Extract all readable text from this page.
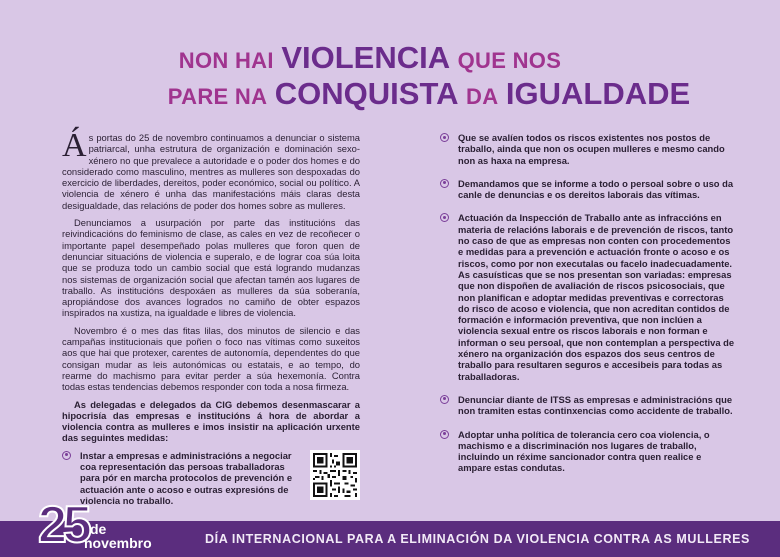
NON HAI VIOLENCIA QUE NOS
PARE NA CONQUISTA DA IGUALDADE

Ás portas do 25 de novembro continuamos a denunciar o sistema patriarcal, unha estrutura de organización e dominación sexo-xénero no que prevalece a autoridade e o poder dos homes e do considerado como masculino, mentres as mulleres son despoxadas do exercicio de liberdades, dereitos, poder económico, social ou político. A violencia de xénero é unha das manifestacións máis claras desta desigualdade, das relacións de poder dos homes sobre as mulleres.

Denunciamos a usurpación por parte das institucións das reivindicacións do feminismo de clase, as cales en vez de recoñecer o importante papel desempeñado polas mulleres que foron quen de denunciar situacións de violencia e superalo, e de lograr coa súa loita que se produza todo un cambio social que está logrando mudanzas nos sistemas de organización social que afectan tamén aos lugares de traballo. As institucións despoxáen as mulleres da súa soberanía, apropiándose dos avances logrados no camiño de obter espazos inspirados na xustiza, na igualdade e libres de violencia.

Novembro é o mes das fitas lilas, dos minutos de silencio e das campañas institucionais que poñen o foco nas vítimas como suxeitos aos que hai que protexer, carentes de autonomía, dependentes do que consigan mudar as leis autonómicas ou estatais, e ao tempo, do rearme do machismo para evitar perder a súa hexemonía. Contra todas estas tendencias debemos responder con toda a nosa firmeza.

As delegadas e delegados da CIG debemos desenmascarar a hipocrisía das empresas e institucións á hora de abordar a violencia contra as mulleres e imos insistir na aplicación urxente das seguintes medidas:

Instar a empresas e administracións a negociar coa representación das persoas traballadoras para pór en marcha protocolos de prevención e actuación ante o acoso e outras expresións de violencia no traballo.
Que se avalíen todos os riscos existentes nos postos de traballo, ainda que non os ocupen mulleres e mesmo cando non as haxa na empresa.
Demandamos que se informe a todo o persoal sobre o uso da canle de denuncias e os dereitos laborais das vítimas.
Actuación da Inspección de Traballo ante as infraccións en materia de relacións laborais e de prevención de riscos, tanto no caso de que as empresas non conten con procedementos e medidas para a prevención e actuación fronte o acoso e os riscos, como por non executalas ou facelo inadecuadamente. As casuísticas que se nos presentan son variadas: empresas que non dispoñen de avaliación de riscos psicosociais, que non planifican e adoptar medidas preventivas e correctoras do risco de acoso e violencia, que non acreditan contidos de formación e información preventiva, que non inclúen a violencia sexual entre os riscos laborais e non forman e informan o seu persoal, que non contemplan a perspectiva de xénero na organización dos espazos dos seus centros de traballo para resultaren seguros e accesibeis para todas as traballadoras.
Denunciar diante de ITSS as empresas e administracións que non tramiten estas continxencias como accidente de traballo.
Adoptar unha política de tolerancia cero coa violencia, o machismo e a discriminación nos lugares de traballo, incluindo un réxime sancionador contra quen realice e ampare estas condutas.
DÍA INTERNACIONAL PARA A ELIMINACIÓN DA VIOLENCIA CONTRA AS MULLERES
25 de
novembro
